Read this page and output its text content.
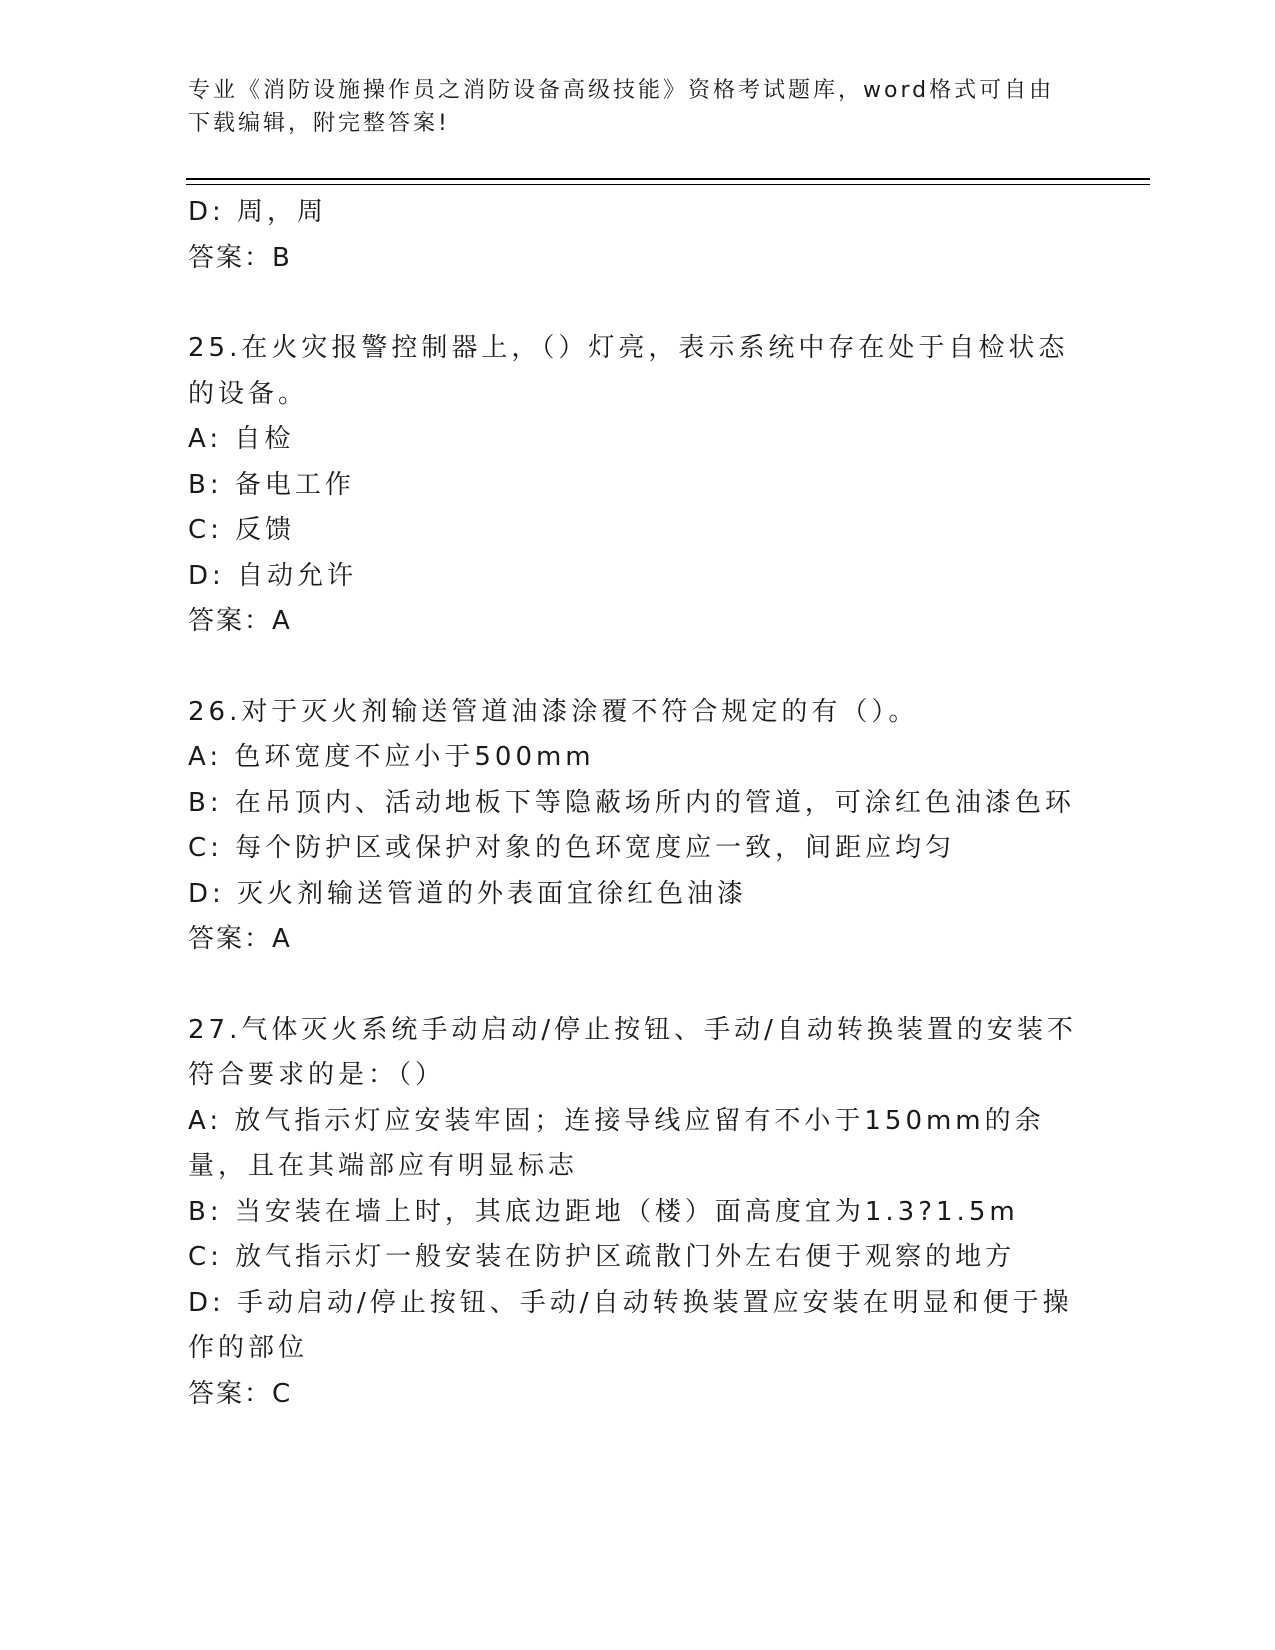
专业《消防设施操作员之消防设备高级技能》资格考试题库，word格式可自由下载编辑，附完整答案!
D: 周，周
答案：B
25.在火灾报警控制器上，（）灯亮，表示系统中存在处于自检状态的设备。
A: 自检
B: 备电工作
C: 反馈
D: 自动允许
答案：A
26.对于灭火剂输送管道油漆涂覆不符合规定的有（）。
A: 色环宽度不应小于500mm
B: 在吊顶内、活动地板下等隐蔽场所内的管道，可涂红色油漆色环
C: 每个防护区或保护对象的色环宽度应一致，间距应均匀
D: 灭火剂输送管道的外表面宜徐红色油漆
答案：A
27.气体灭火系统手动启动/停止按钮、手动/自动转换装置的安装不符合要求的是：（）
A: 放气指示灯应安装牢固；连接导线应留有不小于150mm的余量，且在其端部应有明显标志
B: 当安装在墙上时，其底边距地（楼）面高度宜为1.3?1.5m
C: 放气指示灯一般安装在防护区疏散门外左右便于观察的地方
D: 手动启动/停止按钮、手动/自动转换装置应安装在明显和便于操作的部位
答案：C
